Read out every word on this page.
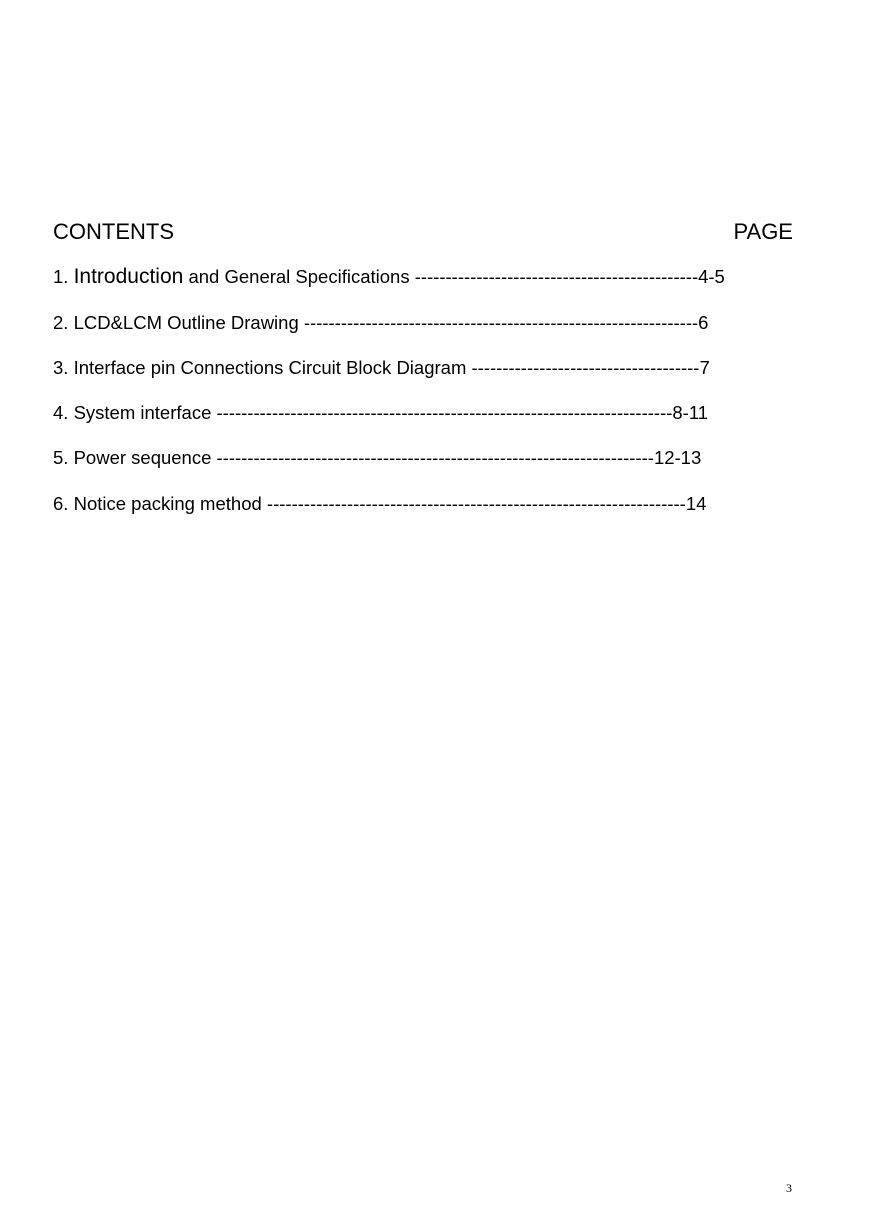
CONTENTS	PAGE
1. Introduction and General Specifications ----------------------------------------------4-5
2. LCD&LCM Outline Drawing ----------------------------------------------------------------6
3. Interface pin Connections Circuit Block Diagram -------------------------------------7
4. System interface --------------------------------------------------------------------------8-11
5. Power sequence -----------------------------------------------------------------------12-13
6. Notice packing method --------------------------------------------------------------------14
3
